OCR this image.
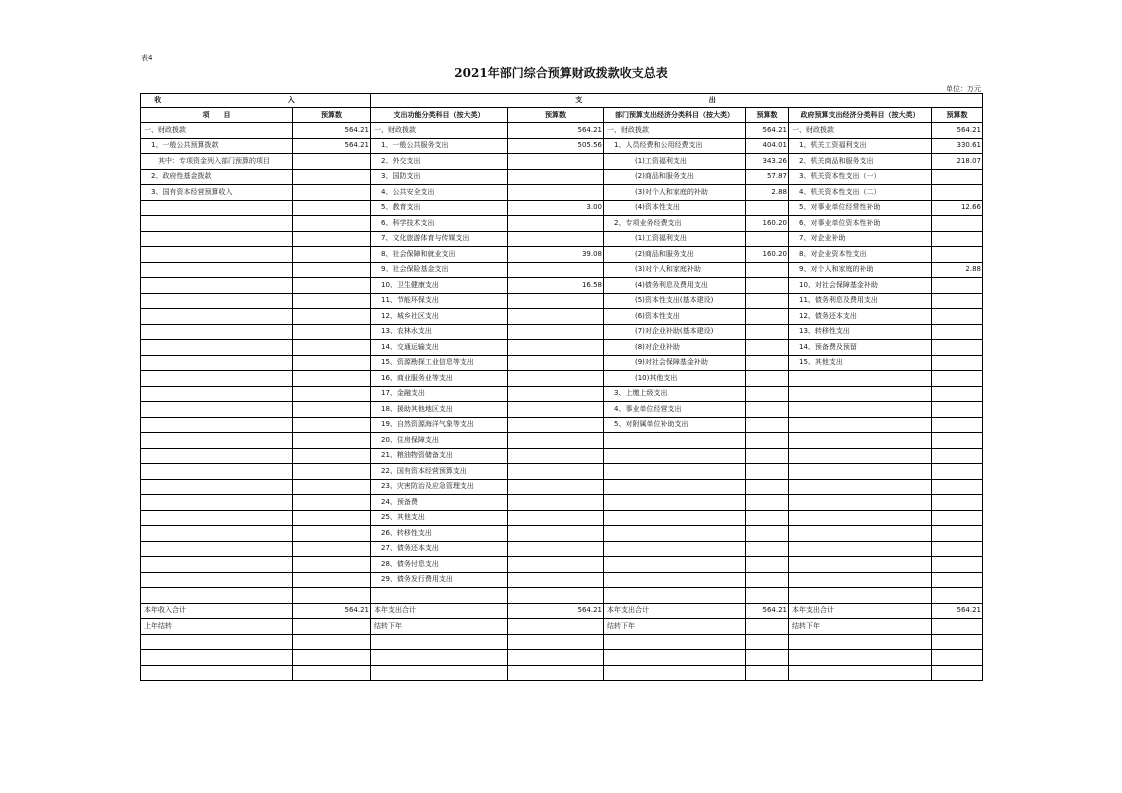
表4
2021年部门综合预算财政拨款收支总表
单位：万元
收 入		支 出					
项　　目	预算数	支出功能分类科目（按大类）	预算数	部门预算支出经济分类科目（按大类）	预算数	政府预算支出经济分类科目（按大类）	预算数
一、财政拨款	564.21	一、财政拨款	564.21	一、财政拨款	564.21	一、财政拨款	564.21
　1、一般公共预算拨款	564.21	　1、一般公共服务支出	505.56	　1、人员经费和公用经费支出	404.01	　1、机关工资福利支出	330.61
　　其中：专项资金列入部门预算的项目		　2、外交支出		　　　　(1)工资福利支出	343.26	　2、机关商品和服务支出	218.07
　2、政府性基金拨款		　3、国防支出		　　　　(2)商品和服务支出	57.87	　3、机关资本性支出（一）	
　3、国有资本经营预算收入		　4、公共安全支出		　　　　(3)对个人和家庭的补助	2.88	　4、机关资本性支出（二）	
		　5、教育支出	3.00	　　　　(4)资本性支出		　5、对事业单位经常性补助	12.66
		　6、科学技术支出		　2、专项业务经费支出	160.20	　6、对事业单位资本性补助	
		　7、文化旅游体育与传媒支出		　　　　(1)工资福利支出		　7、对企业补助	
		　8、社会保障和就业支出	39.08	　　　　(2)商品和服务支出	160.20	　8、对企业资本性支出	
		　9、社会保险基金支出		　　　　(3)对个人和家庭补助		　9、对个人和家庭的补助	2.88
		　10、卫生健康支出	16.58	　　　　(4)债务利息及费用支出		　10、对社会保障基金补助	
		　11、节能环保支出		　　　　(5)资本性支出(基本建设)		　11、债务利息及费用支出	
		　12、城乡社区支出		　　　　(6)资本性支出		　12、债务还本支出	
		　13、农林水支出		　　　　(7)对企业补助(基本建设)		　13、转移性支出	
		　14、交通运输支出		　　　　(8)对企业补助		　14、预备费及预留	
		　15、资源勘探工业信息等支出		　　　　(9)对社会保障基金补助		　15、其他支出	
		　16、商业服务业等支出		　　　　(10)其他支出			
		　17、金融支出		　3、上缴上级支出			
		　18、援助其他地区支出		　4、事业单位经营支出			
		　19、自然资源海洋气象等支出		　5、对附属单位补助支出			
		　20、住房保障支出					
		　21、粮油物资储备支出					
		　22、国有资本经营预算支出					
		　23、灾害防治及应急管理支出					
		　24、预备费					
		　25、其他支出					
		　26、转移性支出					
		　27、债务还本支出					
		　28、债务付息支出					
		　29、债务发行费用支出					

本年收入合计	564.21	本年支出合计	564.21	本年支出合计	564.21	本年支出合计	564.21
上年结转		结转下年		结转下年		结转下年	
